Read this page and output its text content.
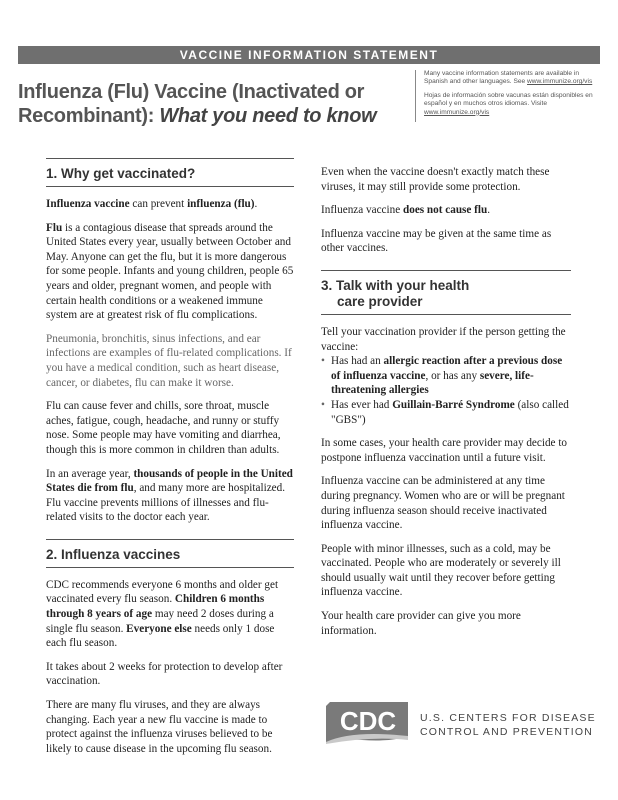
VACCINE INFORMATION STATEMENT
Influenza (Flu) Vaccine (Inactivated or
Recombinant): What you need to know

Many vaccine information statements are available in Spanish and other languages. See www.immunize.org/vis

Hojas de información sobre vacunas están disponibles en español y en muchos otros idiomas. Visite www.immunize.org/vis

1. Why get vaccinated?

Influenza vaccine can prevent influenza (flu).

Flu is a contagious disease that spreads around the United States every year, usually between October and May. Anyone can get the flu, but it is more dangerous for some people. Infants and young children, people 65 years and older, pregnant women, and people with certain health conditions or a weakened immune system are at greatest risk of flu complications.

Pneumonia, bronchitis, sinus infections, and ear infections are examples of flu-related complications. If you have a medical condition, such as heart disease, cancer, or diabetes, flu can make it worse.

Flu can cause fever and chills, sore throat, muscle aches, fatigue, cough, headache, and runny or stuffy nose. Some people may have vomiting and diarrhea, though this is more common in children than adults.

In an average year, thousands of people in the United States die from flu, and many more are hospitalized. Flu vaccine prevents millions of illnesses and flu-related visits to the doctor each year.

2. Influenza vaccines

CDC recommends everyone 6 months and older get vaccinated every flu season. Children 6 months through 8 years of age may need 2 doses during a single flu season. Everyone else needs only 1 dose each flu season.

It takes about 2 weeks for protection to develop after vaccination.

There are many flu viruses, and they are always changing. Each year a new flu vaccine is made to protect against the influenza viruses believed to be likely to cause disease in the upcoming flu season.

Even when the vaccine doesn't exactly match these viruses, it may still provide some protection.

Influenza vaccine does not cause flu.

Influenza vaccine may be given at the same time as other vaccines.

3. Talk with your health
care provider

Tell your vaccination provider if the person getting the vaccine:

• Has had an allergic reaction after a previous dose of influenza vaccine, or has any severe, life-threatening allergies
• Has ever had Guillain-Barré Syndrome (also called "GBS")

In some cases, your health care provider may decide to postpone influenza vaccination until a future visit.

Influenza vaccine can be administered at any time during pregnancy. Women who are or will be pregnant during influenza season should receive inactivated influenza vaccine.

People with minor illnesses, such as a cold, may be vaccinated. People who are moderately or severely ill should usually wait until they recover before getting influenza vaccine.

Your health care provider can give you more information.

CDC U.S. CENTERS FOR DISEASE
CONTROL AND PREVENTION
